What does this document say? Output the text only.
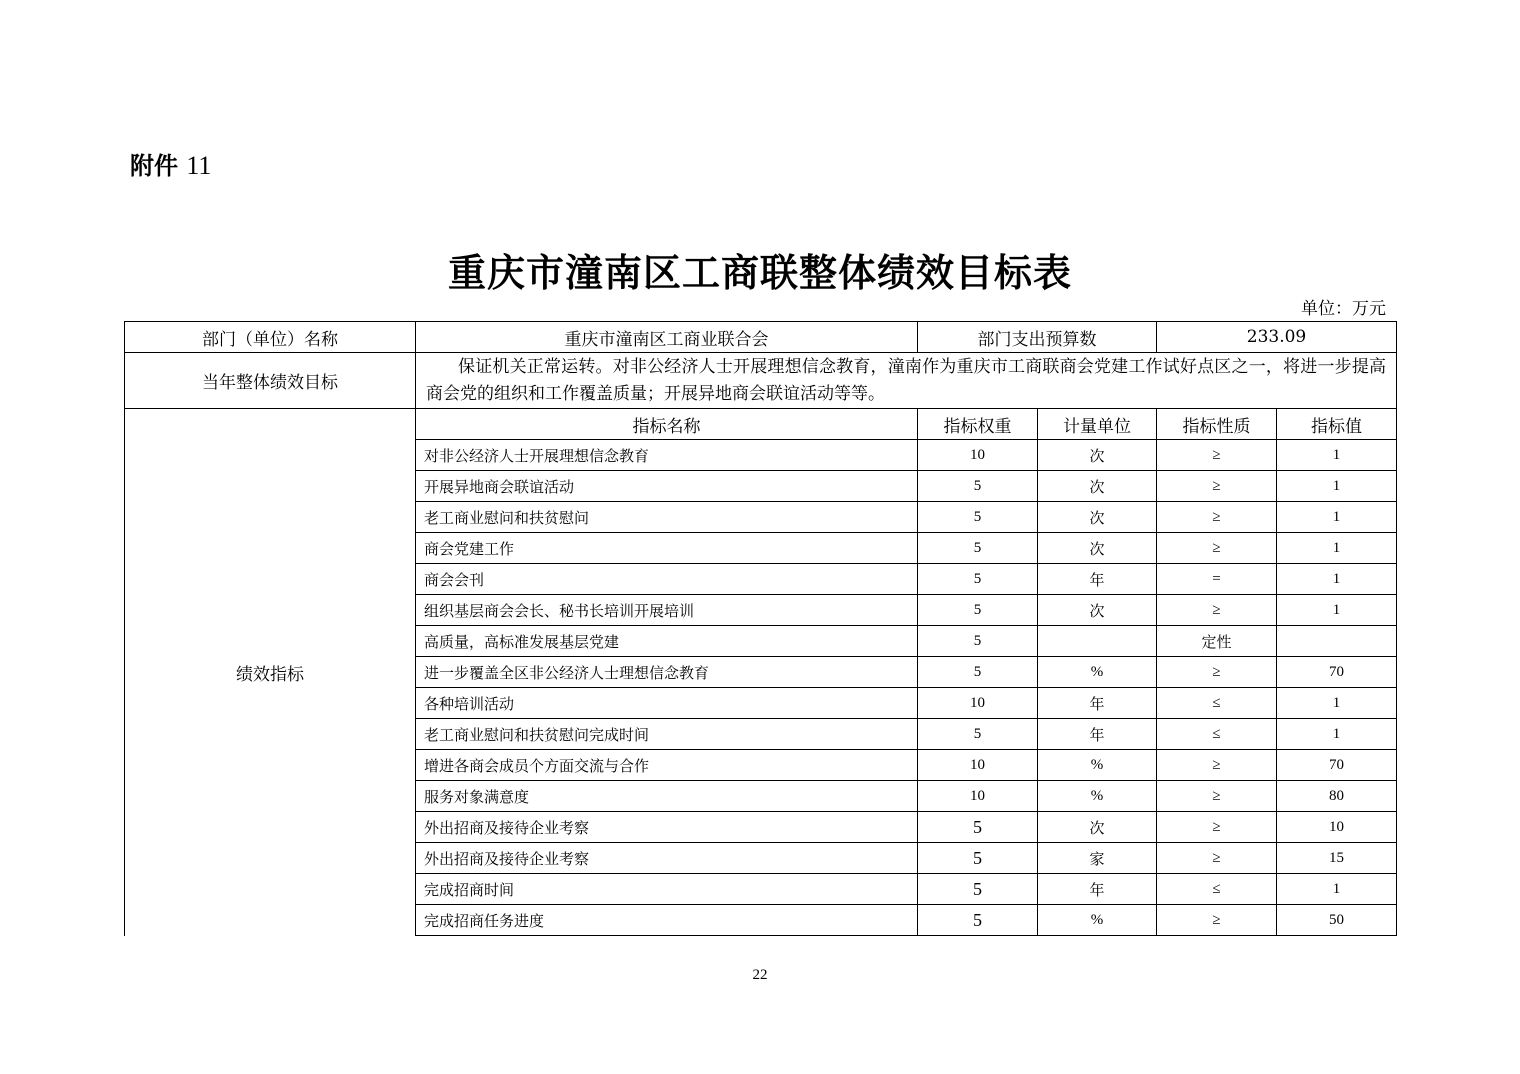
附件 11
重庆市潼南区工商联整体绩效目标表
单位：万元
部门（单位）名称	重庆市潼南区工商业联合会	部门支出预算数		233.09	
当年整体绩效目标	保证机关正常运转。对非公经济人士开展理想信念教育，潼南作为重庆市工商联商会党建工作试好点区之一，将进一步提高商会党的组织和工作覆盖质量；开展异地商会联谊活动等等。				
绩效指标	指标名称	指标权重	计量单位	指标性质	指标值
	对非公经济人士开展理想信念教育	10	次	≥	1
	开展异地商会联谊活动	5	次	≥	1
	老工商业慰问和扶贫慰问	5	次	≥	1
	商会党建工作	5	次	≥	1
	商会会刊	5	年	=	1
	组织基层商会会长、秘书长培训开展培训	5	次	≥	1
	高质量，高标准发展基层党建	5		定性	
	进一步覆盖全区非公经济人士理想信念教育	5	%	≥	70
	各种培训活动	10	年	≤	1
	老工商业慰问和扶贫慰问完成时间	5	年	≤	1
	增进各商会成员个方面交流与合作	10	%	≥	70
	服务对象满意度	10	%	≥	80
	外出招商及接待企业考察	5	次	≥	10
	外出招商及接待企业考察	5	家	≥	15
	完成招商时间	5	年	≤	1
	完成招商任务进度	5	%	≥	50
22
